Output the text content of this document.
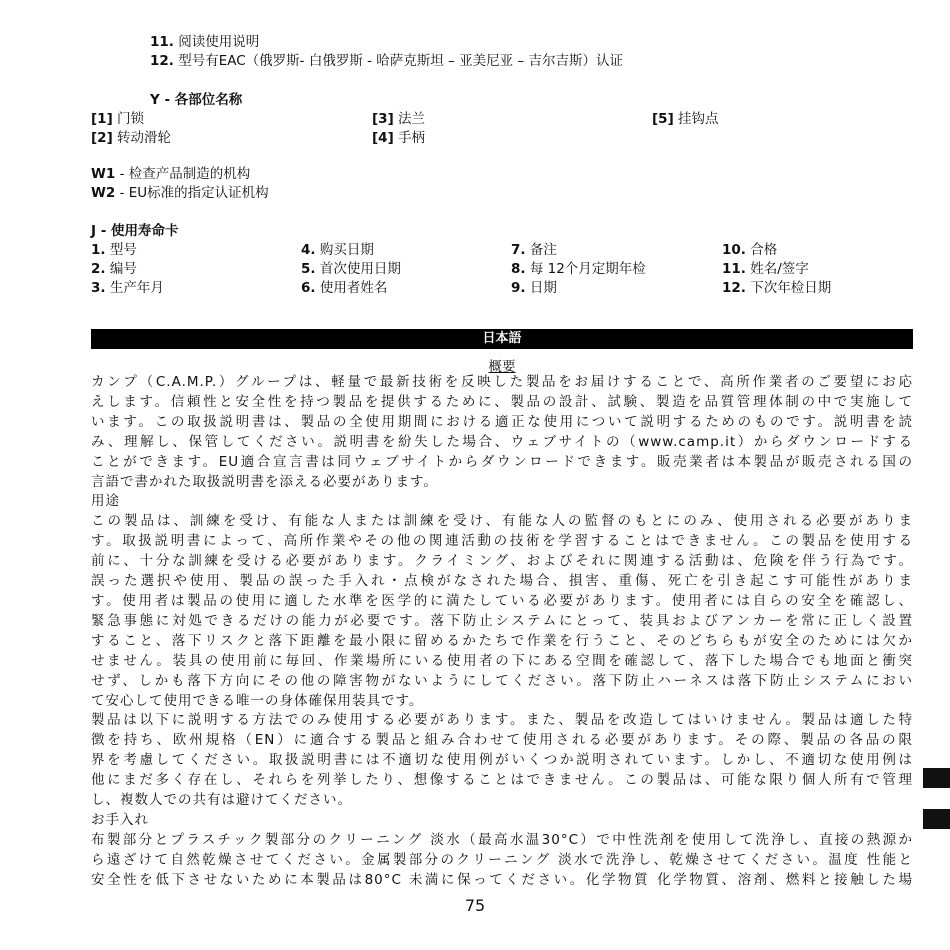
11. 阅读使用说明
12. 型号有EAC（俄罗斯- 白俄罗斯 - 哈萨克斯坦 – 亚美尼亚 – 吉尔吉斯）认证
Y - 各部位名称
[1] 门锁
[2] 转动滑轮
[3] 法兰
[4] 手柄
[5] 挂钩点
W1 - 检查产品制造的机构
W2 - EU标准的指定认证机构
J - 使用寿命卡
1. 型号
2. 编号
3. 生产年月
4. 购买日期
5. 首次使用日期
6. 使用者姓名
7. 备注
8. 每 12个月定期年检
9. 日期
10. 合格
11. 姓名/签字
12. 下次年检日期
日本語
概要
カンプ（C.A.M.P.）グループは、軽量で最新技術を反映した製品をお届けすることで、高所作業者のご要望にお応
えします。信頼性と安全性を持つ製品を提供するために、製品の設計、試験、製造を品質管理体制の中で実施して
います。この取扱説明書は、製品の全使用期間における適正な使用について説明するためのものです。説明書を読
み、理解し、保管してください。説明書を紛失した場合、ウェブサイトの（www.camp.it）からダウンロードする
ことができます。EU適合宣言書は同ウェブサイトからダウンロードできます。販売業者は本製品が販売される国の
言語で書かれた取扱説明書を添える必要があります。
用途
この製品は、訓練を受け、有能な人または訓練を受け、有能な人の監督のもとにのみ、使用される必要がありま
す。取扱説明書によって、高所作業やその他の関連活動の技術を学習することはできません。この製品を使用する
前に、十分な訓練を受ける必要があります。クライミング、およびそれに関連する活動は、危険を伴う行為です。
誤った選択や使用、製品の誤った手入れ・点検がなされた場合、損害、重傷、死亡を引き起こす可能性がありま
す。使用者は製品の使用に適した水準を医学的に満たしている必要があります。使用者には自らの安全を確認し、
緊急事態に対処できるだけの能力が必要です。落下防止システムにとって、装具およびアンカーを常に正しく設置
すること、落下リスクと落下距離を最小限に留めるかたちで作業を行うこと、そのどちらもが安全のためには欠か
せません。装具の使用前に毎回、作業場所にいる使用者の下にある空間を確認して、落下した場合でも地面と衝突
せず、しかも落下方向にその他の障害物がないようにしてください。落下防止ハーネスは落下防止システムにおい
て安心して使用できる唯一の身体確保用装具です。
製品は以下に説明する方法でのみ使用する必要があります。また、製品を改造してはいけません。製品は適した特
徴を持ち、欧州規格（EN）に適合する製品と組み合わせて使用される必要があります。その際、製品の各品の限
界を考慮してください。取扱説明書には不適切な使用例がいくつか説明されています。しかし、不適切な使用例は
他にまだ多く存在し、それらを列挙したり、想像することはできません。この製品は、可能な限り個人所有で管理
し、複数人での共有は避けてください。
お手入れ
布製部分とプラスチック製部分のクリーニング 淡水（最高水温30°C）で中性洗剤を使用して洗浄し、直接の熱源か
ら遠ざけて自然乾燥させてください。金属製部分のクリーニング 淡水で洗浄し、乾燥させてください。温度 性能と
安全性を低下させないために本製品は80°C 未満に保ってください。化学物質 化学物質、溶剤、燃料と接触した場
75
